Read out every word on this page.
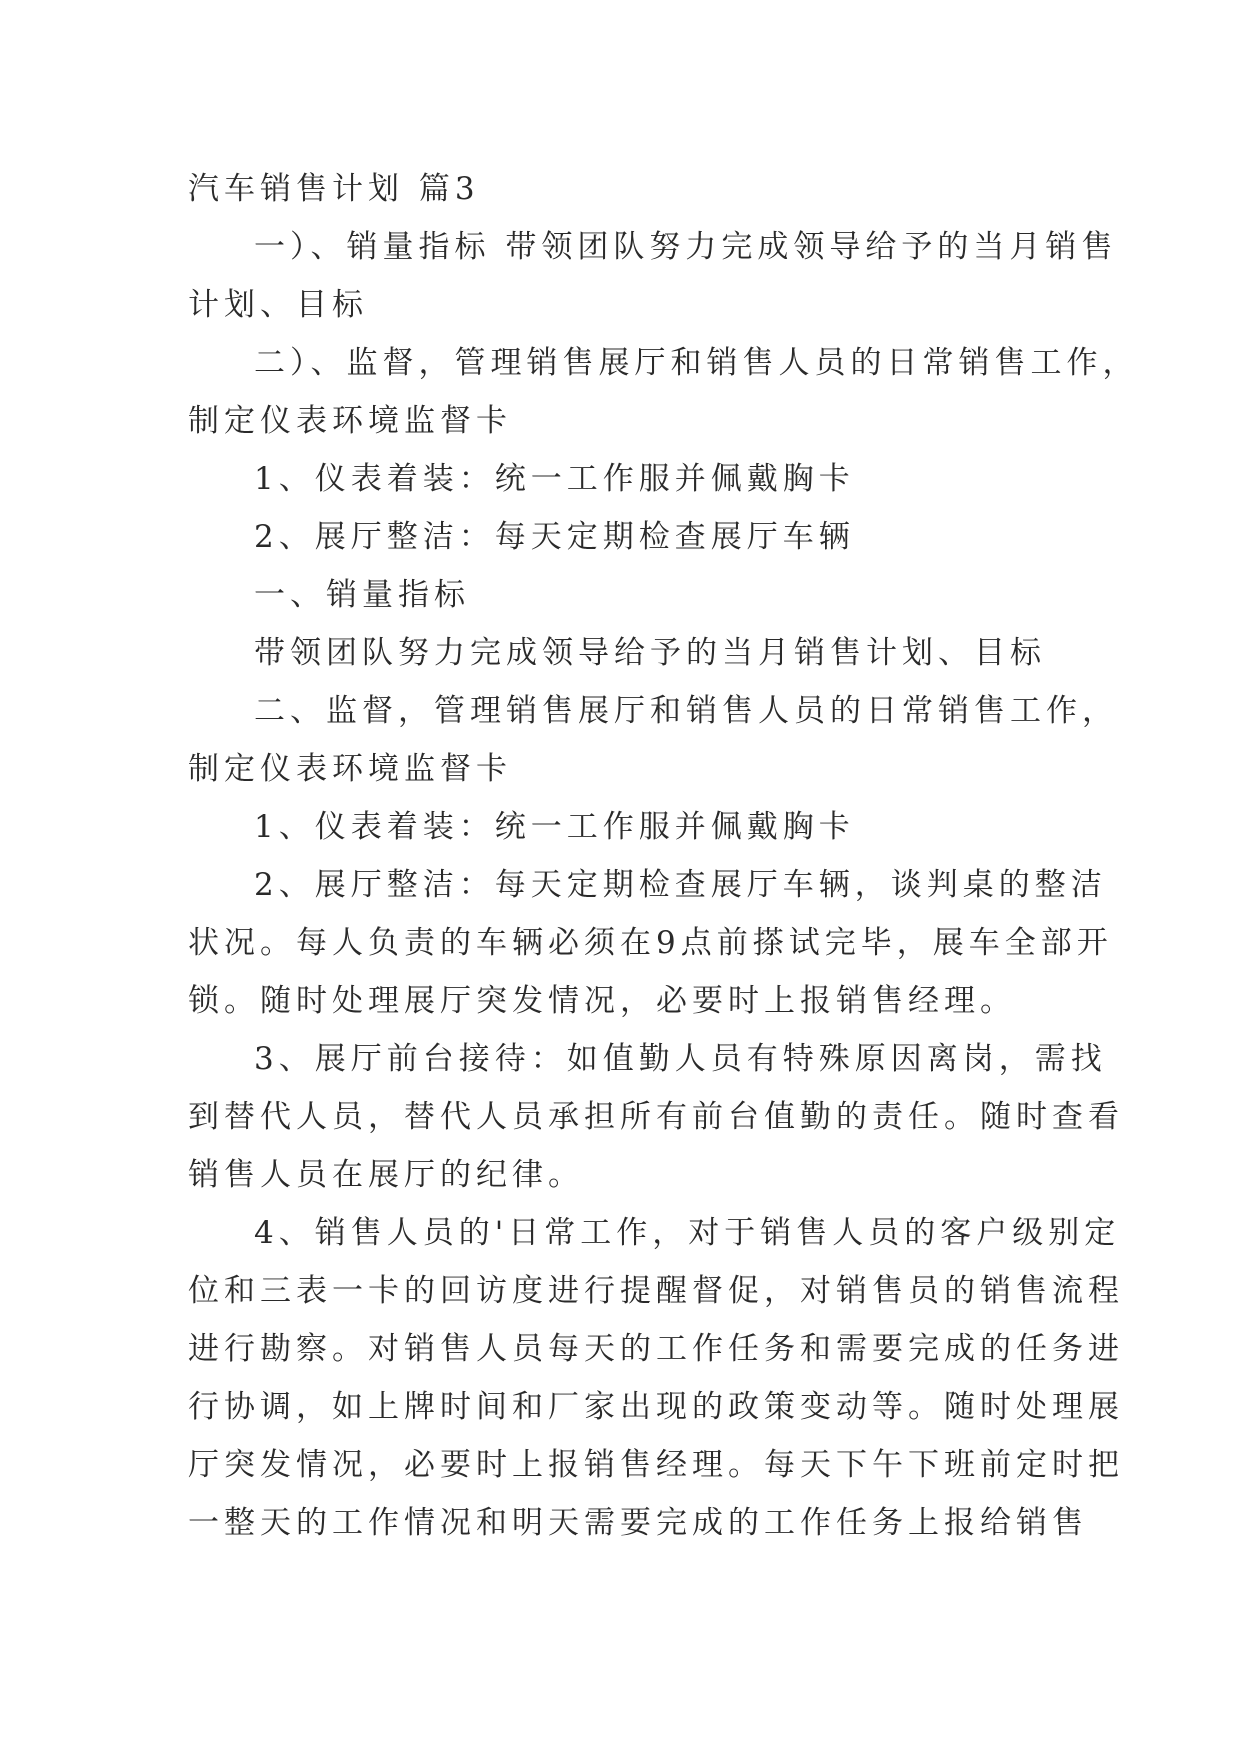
汽车销售计划 篇3
一）、销量指标 带领团队努力完成领导给予的当月销售
计划、目标
二）、监督，管理销售展厅和销售人员的日常销售工作，
制定仪表环境监督卡
1、仪表着装：统一工作服并佩戴胸卡
2、展厅整洁：每天定期检查展厅车辆
一、销量指标
带领团队努力完成领导给予的当月销售计划、目标
二、监督，管理销售展厅和销售人员的日常销售工作，
制定仪表环境监督卡
1、仪表着装：统一工作服并佩戴胸卡
2、展厅整洁：每天定期检查展厅车辆，谈判桌的整洁
状况。每人负责的车辆必须在9点前搽试完毕，展车全部开
锁。随时处理展厅突发情况，必要时上报销售经理。
3、展厅前台接待：如值勤人员有特殊原因离岗，需找
到替代人员，替代人员承担所有前台值勤的责任。随时查看
销售人员在展厅的纪律。
4、销售人员的'日常工作，对于销售人员的客户级别定
位和三表一卡的回访度进行提醒督促，对销售员的销售流程
进行勘察。对销售人员每天的工作任务和需要完成的任务进
行协调，如上牌时间和厂家出现的政策变动等。随时处理展
厅突发情况，必要时上报销售经理。每天下午下班前定时把
一整天的工作情况和明天需要完成的工作任务上报给销售
